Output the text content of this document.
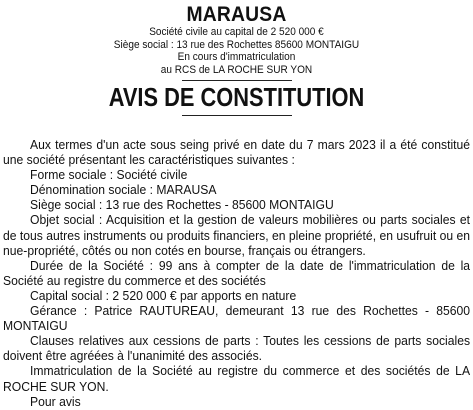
MARAUSA
Société civile au capital de 2 520 000 €
Siège social : 13 rue des Rochettes 85600 MONTAIGU
En cours d'immatriculation
au RCS de LA ROCHE SUR YON
AVIS DE CONSTITUTION

Aux termes d'un acte sous seing privé en date du 7 mars 2023 il a été constitué une société présentant les caractéristiques suivantes :

Forme sociale : Société civile

Dénomination sociale : MARAUSA

Siège social : 13 rue des Rochettes - 85600 MONTAIGU

Objet social : Acquisition et la gestion de valeurs mobilières ou parts sociales et de tous autres instruments ou produits financiers, en pleine propriété, en usufruit ou en nue-propriété, côtés ou non cotés en bourse, français ou étrangers.

Durée de la Société : 99 ans à compter de la date de l'immatriculation de la Société au registre du commerce et des sociétés

Capital social : 2 520 000 € par apports en nature

Gérance : Patrice RAUTUREAU, demeurant 13 rue des Rochettes - 85600 MONTAIGU

Clauses relatives aux cessions de parts : Toutes les cessions de parts sociales doivent être agréées à l'unanimité des associés.

Immatriculation de la Société au registre du commerce et des sociétés de LA ROCHE SUR YON.

Pour avis
